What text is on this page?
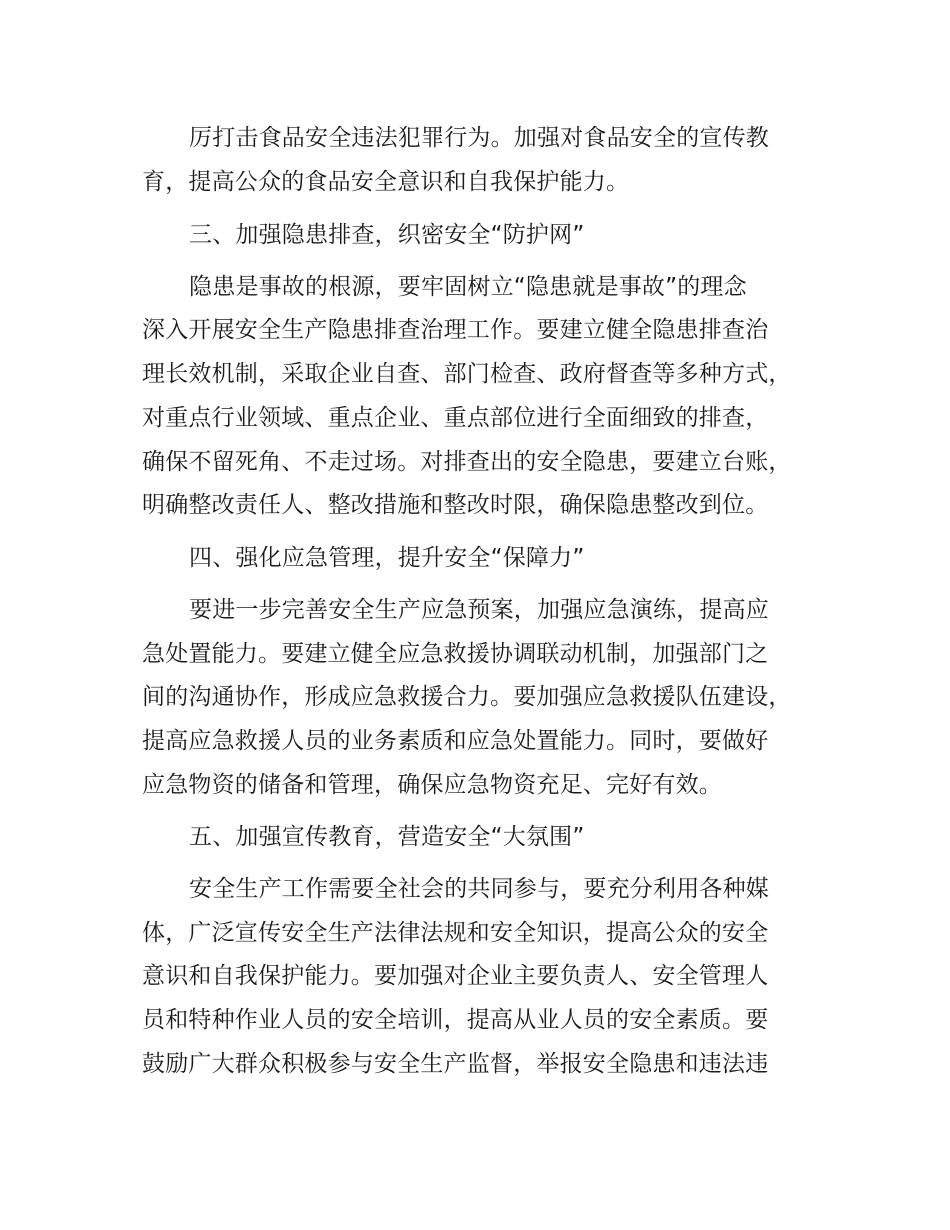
厉打击食品安全违法犯罪行为。加强对食品安全的宣传教
育，提高公众的食品安全意识和自我保护能力。
三、加强隐患排查，织密安全“防护网”
隐患是事故的根源，要牢固树立“隐患就是事故”的理念
深入开展安全生产隐患排查治理工作。要建立健全隐患排查治
理长效机制，采取企业自查、部门检查、政府督查等多种方式，
对重点行业领域、重点企业、重点部位进行全面细致的排查，
确保不留死角、不走过场。对排查出的安全隐患，要建立台账，
明确整改责任人、整改措施和整改时限，确保隐患整改到位。
四、强化应急管理，提升安全“保障力”
要进一步完善安全生产应急预案，加强应急演练，提高应
急处置能力。要建立健全应急救援协调联动机制，加强部门之
间的沟通协作，形成应急救援合力。要加强应急救援队伍建设，
提高应急救援人员的业务素质和应急处置能力。同时，要做好
应急物资的储备和管理，确保应急物资充足、完好有效。
五、加强宣传教育，营造安全“大氛围”
安全生产工作需要全社会的共同参与，要充分利用各种媒
体，广泛宣传安全生产法律法规和安全知识，提高公众的安全
意识和自我保护能力。要加强对企业主要负责人、安全管理人
员和特种作业人员的安全培训，提高从业人员的安全素质。要
鼓励广大群众积极参与安全生产监督，举报安全隐患和违法违
